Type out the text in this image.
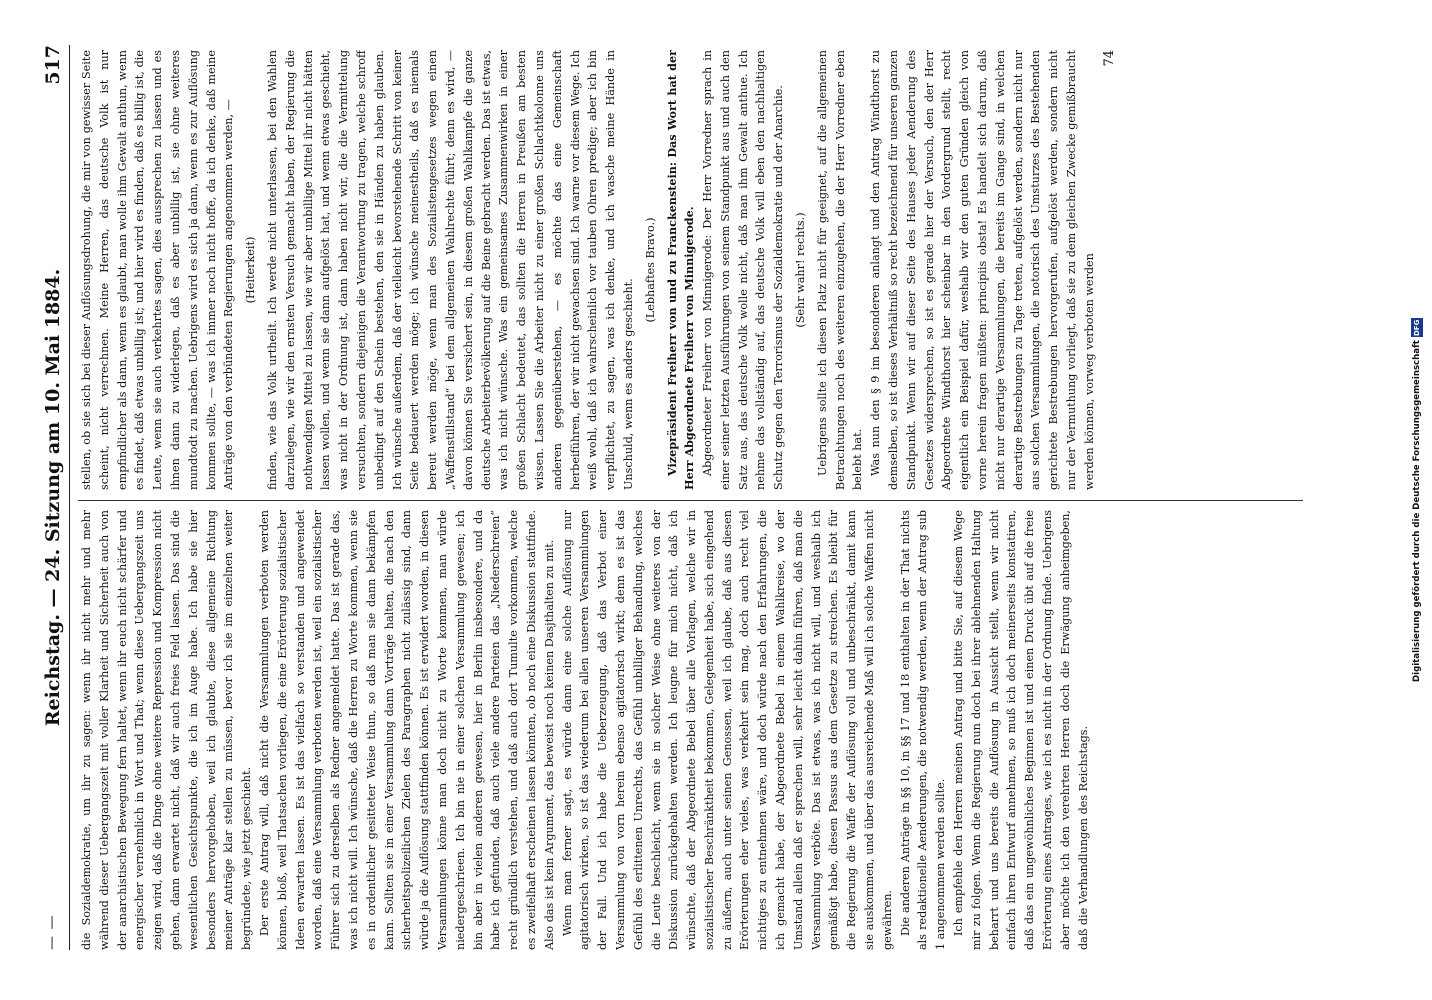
— —
Reichstag. — 24. Sitzung am 10. Mai 1884.
517

die Sozialdemokratie, um ihr zu sagen: wenn ihr nicht mehr und mehr während dieser Uebergangszeit mit voller Klarheit und Sicherheit auch von der anarchistischen Bewegung fern haltet, wenn ihr euch nicht schärfer und energischer vernehmlich in Wort und That; wenn diese Uebergangszeit uns zeigen wird, daß die Dinge ohne weitere Repression und Kompression nicht gehen, dann erwartet nicht, daß wir auch freies Feld lassen. Das sind die wesentlichen Gesichtspunkte, die ich im Auge habe. Ich habe sie hier besonders hervorgehoben, weil ich glaubte, diese allgemeine Richtung meiner Anträge klar stellen zu müssen, bevor ich sie im einzelnen weiter begründete, wie jetzt geschieht. Der erste Antrag will, daß nicht die Versammlungen verboten werden können, bloß, weil Thatsachen vorliegen, die eine Erörterung sozialistischer Ideen erwarten lassen. Es ist das vielfach so verstanden und angewendet worden, daß eine Versammlung verboten werden ist, weil ein sozialistischer Führer sich zu derselben als Redner angemeldet hatte. Das ist gerade das, was ich nicht will. Ich wünsche, daß die Herren zu Worte kommen, wenn sie es in ordentlicher gesitteter Weise thun, so daß man sie dann bekämpfen kann. Sollten sie in einer Versammlung dann Vorträge halten, die nach den sicherheitspolizeilichen Zielen des Paragraphen nicht zulässig sind, dann würde ja die Auflösung stattfinden können. Es ist erwidert worden, in diesen Versammlungen könne man doch nicht zu Worte kommen, man würde niedergeschrieen. Ich bin nie in einer solchen Versammlung gewesen; ich bin aber in vielen anderen gewesen, hier in Berlin insbesondere, und da habe ich gefunden, daß auch viele andere Parteien das „Niederschreien“ recht gründlich verstehen, und daß auch dort Tumulte vorkommen, welche es zweifelhaft erscheinen lassen könnten, ob noch eine Diskussion stattfinde. Also das ist kein Argument, das beweist noch keinen Dasjthalten zu mit. Wenn man ferner sagt, es würde dann eine solche Auflösung nur agitatorisch wirken, so ist das wiederum bei allen unseren Versammlungen der Fall. Und ich habe die Ueberzeugung, daß das Verbot einer Versammlung von vorn herein ebenso agitatorisch wirkt; denn es ist das Gefühl des erlittenen Unrechts, das Gefühl unbilliger Behandlung, welches die Leute beschleicht, wenn sie in solcher Weise ohne weiteres von der Diskussion zurückgehalten werden. Ich leugne für mich nicht, daß ich wünschte, daß der Abgeordnete Bebel über alle Vorlagen, welche wir in sozialistischer Beschränktheit bekommen, Gelegenheit habe, sich eingehend zu äußern, auch unter seinen Genossen, weil ich glaube, daß aus diesen Erörterungen eher vieles, was verkehrt sein mag, doch auch recht viel nichtiges zu entnehmen wäre, und doch würde nach den Erfahrungen, die ich gemacht habe, der Abgeordnete Bebel in einem Wahlkreise, wo der Umstand allein daß er sprechen will, sehr leicht dahin führen, daß man die Versammlung verbötе. Das ist etwas, was ich nicht will, und weshalb ich gemäßigt habe, diesen Passus aus dem Gesetze zu streichen. Es bleibt für die Regierung die Waffe der Auflösung voll und unbeschränkt, damit kann sie auskommen, und über das ausreichende Maß will ich solche Waffen nicht gewähren. Die anderen Anträge in §§ 10, in §§ 17 und 18 enthalten in der That nichts als redaktionelle Aenderungen, die notwendig werden, wenn der Antrag sub 1 angenommen werden sollte. Ich empfehle den Herren meinen Antrag und bitte Sie, auf diesem Wege mir zu folgen. Wenn die Regierung nun doch bei ihrer ablehnenden Haltung beharrt und uns bereits die Auflösung in Aussicht stellt, wenn wir nicht einfach ihren Entwurf annehmen, so muß ich doch meinerseits konstatiren, daß das ein ungewöhnliches Beginnen ist und einen Druck übt auf die freie Erörterung eines Antrages, wie ich es nicht in der Ordnung finde. Uebrigens aber möchte ich den verehrten Herren doch die Erwägung anheimgeben, daß die Verhandlungen des Reichstags.

stellen, ob sie sich bei dieser Auflösungsdrohung, die mir von gewisser Seite scheint, nicht verrechnen. Meine Herren, das deutsche Volk ist nur empfindlicher als dann, wenn es glaubt, man wolle ihm Gewalt anthun, wenn es findet, daß etwas unbillig ist; und hier wird es finden, daß es billig ist, die Leute, wenn sie auch verkehrtes sagen, dies aussprechen zu lassen und es ihnen dann zu widerlegen, daß es aber unbillig ist, sie ohne weiteres mundtodt zu machen. Uebrigens wird es sich ja dann, wenn es zur Auflösung kommen sollte, — was ich immer noch nicht hoffe, da ich denke, daß meine Anträge von den verbündeten Regierungen angenommen werden, — (Heiterkeit) finden, wie das Volk urtheilt. Ich werde nicht unterlassen, bei den Wahlen darzulegen, wie wir den ernsten Versuch gemacht haben, der Regierung die nothwendigen Mittel zu lassen, wie wir aber unbillige Mittel ihr nicht hätten lassen wollen, und wenn sie dann aufgelöst hat, und wenn etwas geschieht, was nicht in der Ordnung ist, dann haben nicht wir, die die Vermittelung versuchten, sondern diejenigen die Verantwortung zu tragen, welche schroff unbedingt auf den Schein bestehen, den sie in Händen zu haben glauben. Ich wünsche außerdem, daß der vielleicht bevorstehende Schritt von keiner Seite bedauert werden möge; ich wünsche meinestheils, daß es niemals bereut werden möge, wenn man des Sozialistengesetzes wegen einen „Waffenstillstand“ bei dem allgemeinen Wahlrechte führt; denn es wird, — davon können Sie versichert sein, in diesem großen Wahlkampfe die ganze deutsche Arbeiterbevölkerung auf die Beine gebracht werden. Das ist etwas, was ich nicht wünsche. Was ein gemeinsames Zusammenwirken in einer großen Schlacht bedeutet, das sollten die Herren in Preußen am besten wissen. Lassen Sie die Arbeiter nicht zu einer großen Schlachtkolonne uns anderen gegenüberstehen, — es möchte das eine Gemeinschaft herbeiführen, der wir nicht gewachsen sind. Ich warne vor diesem Wege. Ich weiß wohl, daß ich wahrscheinlich vor tauben Ohren predige; aber ich bin verpflichtet, zu sagen, was ich denke, und ich wasche meine Hände in Unschuld, wenn es anders geschieht.

(Lebhaftes Bravo.) Vizepräsident Freiherr von und zu Franckenstein: Das Wort hat der Herr Abgeordnete Freiherr von Minnigerode. Abgeordneter Freiherr von Minnigerode: Der Herr Vorredner sprach in einer seiner letzten Ausführungen von seinem Standpunkt aus und auch den Satz aus, das deutsche Volk wolle nicht, daß man ihm Gewalt anthue. Ich nehme das vollständig auf, das deutsche Volk will eben den nachhaltigen Schutz gegen den Terrorismus der Sozialdemokratie und der Anarchie. (Sehr wahr! rechts.) Uebrigens sollte ich diesen Platz nicht für geeignet, auf die allgemeinen Betrachtungen noch des weiteren einzugehen, die der Herr Vorredner eben belebt hat. Was nun den § 9 im besonderen anlangt und den Antrag Windthorst zu demselben, so ist dieses Verhältniß so recht bezeichnend für unseren ganzen Standpunkt. Wenn wir auf dieser Seite des Hauses jeder Aenderung des Gesetzes widersprechen, so ist es gerade hier der Versuch, den der Herr Abgeordnete Windthorst hier scheinbar in den Vordergrund stellt, recht eigentlich ein Beispiel dafür, weshalb wir den guten Gründen gleich von vorne herein fragen müßten: principiis obsta! Es handelt sich darum, daß nicht nur derartige Versammlungen, die bereits im Gange sind, in welchen derartige Bestrebungen zu Tage treten, aufgelöst werden, sondern nicht nur aus solchen Versammlungen, die notorisch des Umsturzes des Bestehenden gerichtete Bestrebungen hervorgerufen, aufgelöst werden, sondern nicht nur der Vermuthung vorliegt, daß sie zu dem gleichen Zwecke gemißbraucht werden können, vorweg verboten werden

74
Digitalisierung gefördert durch die Deutsche Forschungsgemeinschaft DFG
